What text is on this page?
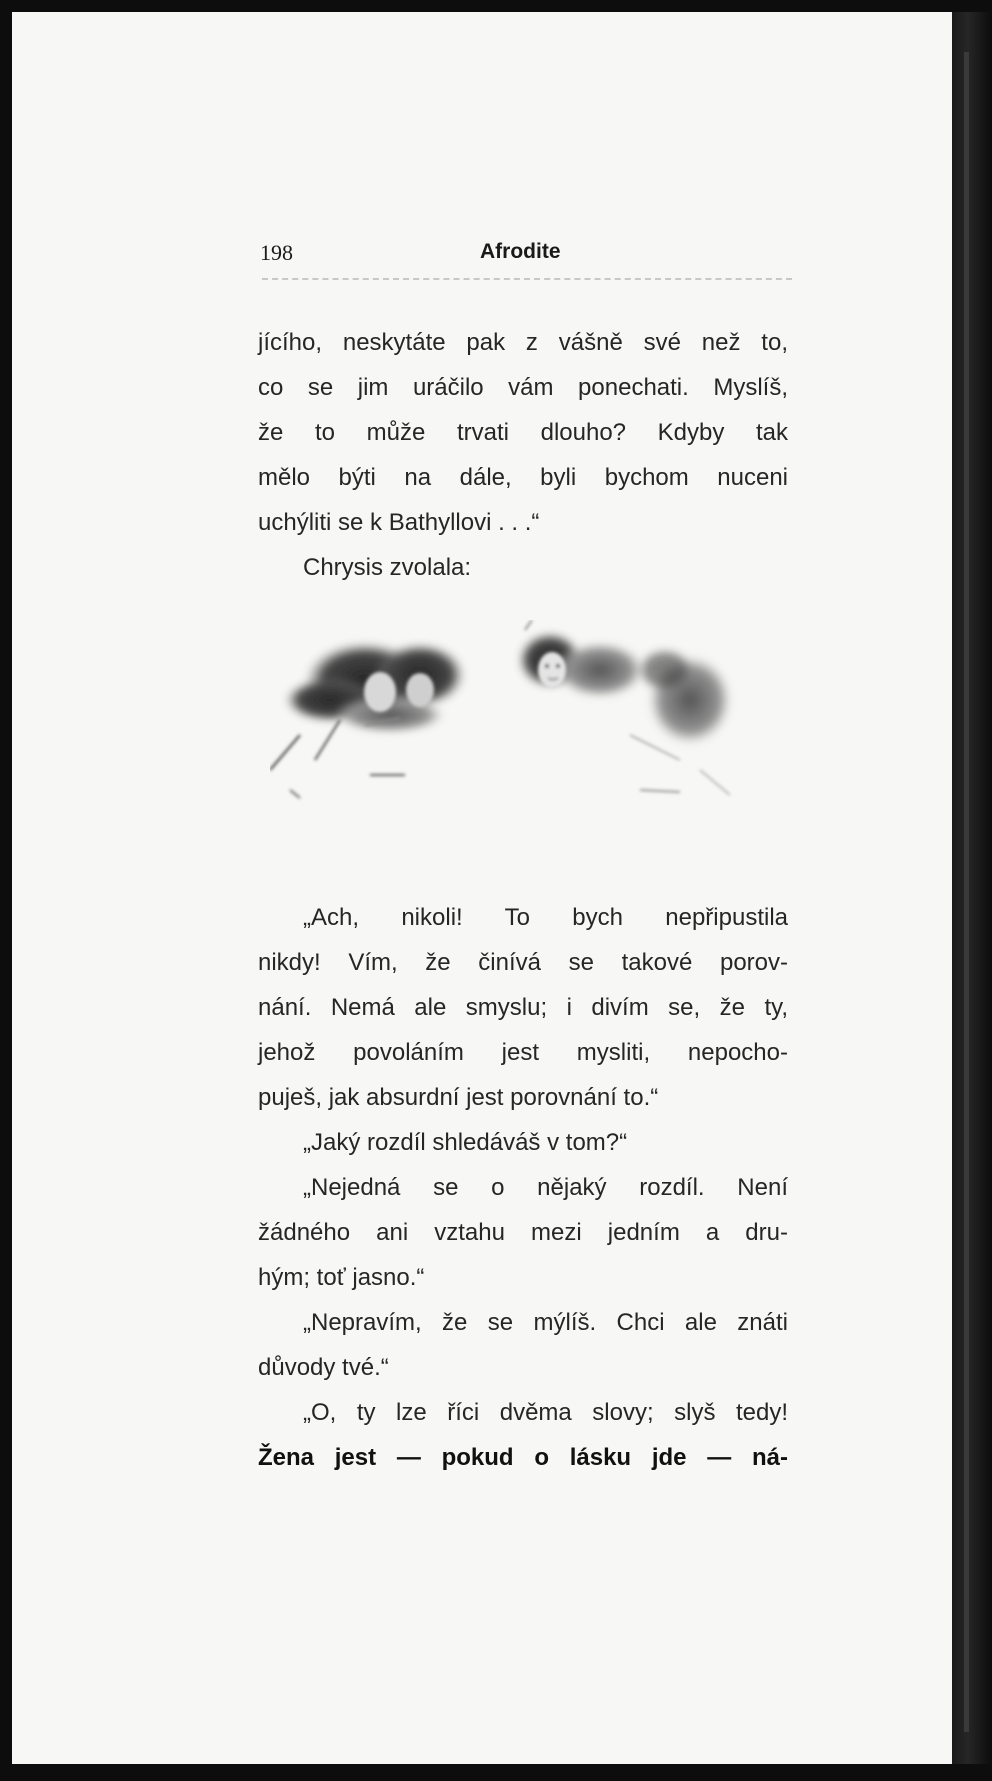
198	Afrodite

jícího, neskytáte pak z vášně své než to,

co se jim uráčilo vám ponechati. Myslíš,

že to může trvati dlouho? Kdyby tak

mělo býti na dále, byli bychom nuceni

uchýliti se k Bathyllovi . . .“

Chrysis zvolala:

„Ach, nikoli! To bych nepřipustila

nikdy! Vím, že činívá se takové porov-

nání. Nemá ale smyslu; i divím se, že ty,

jehož povoláním jest mysliti, nepocho-

puješ, jak absurdní jest porovnání to.“

„Jaký rozdíl shledáváš v tom?“

„Nejedná se o nějaký rozdíl. Není

žádného ani vztahu mezi jedním a dru-

hým; toť jasno.“

„Nepravím, že se mýlíš. Chci ale znáti

důvody tvé.“

„O, ty lze říci dvěma slovy; slyš tedy!

Žena jest — pokud o lásku jde — ná-
